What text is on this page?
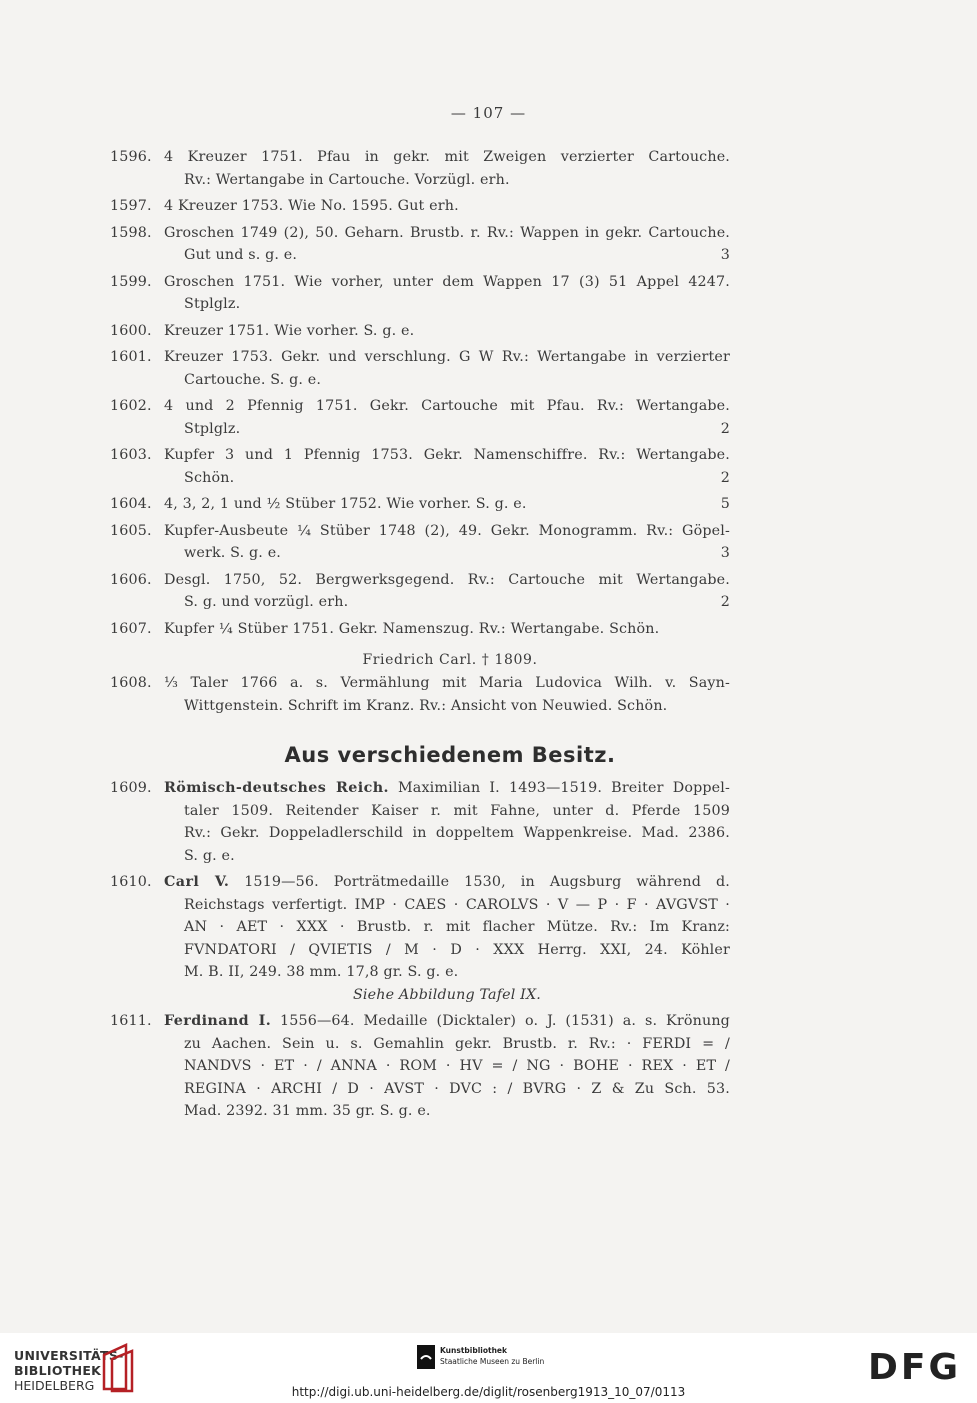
— 107 —
1596. 4 Kreuzer 1751. Pfau in gekr. mit Zweigen verzierter Cartouche.
Rv.: Wertangabe in Cartouche. Vorzügl. erh.
1597. 4 Kreuzer 1753. Wie No. 1595. Gut erh.
1598. Groschen 1749 (2), 50. Geharn. Brustb. r. Rv.: Wappen in gekr. Cartouche.
Gut und s. g. e.	3
1599. Groschen 1751. Wie vorher, unter dem Wappen 17 (3) 51 Appel 4247.
Stplglz.
1600. Kreuzer 1751. Wie vorher. S. g. e.
1601. Kreuzer 1753. Gekr. und verschlung. G W Rv.: Wertangabe in verzierter
Cartouche. S. g. e.
1602. 4 und 2 Pfennig 1751. Gekr. Cartouche mit Pfau. Rv.: Wertangabe.
Stplglz.	2
1603. Kupfer 3 und 1 Pfennig 1753. Gekr. Namenschiffre. Rv.: Wertangabe.
Schön.	2
1604. 4, 3, 2, 1 und ½ Stüber 1752. Wie vorher. S. g. e.	5
1605. Kupfer-Ausbeute ¼ Stüber 1748 (2), 49. Gekr. Monogramm. Rv.: Göpel-
werk. S. g. e.	3
1606. Desgl. 1750, 52. Bergwerksgegend. Rv.: Cartouche mit Wertangabe.
S. g. und vorzügl. erh.	2
1607. Kupfer ¼ Stüber 1751. Gekr. Namenszug. Rv.: Wertangabe. Schön.
Friedrich Carl. † 1809.
1608. ⅓ Taler 1766 a. s. Vermählung mit Maria Ludovica Wilh. v. Sayn-
Wittgenstein. Schrift im Kranz. Rv.: Ansicht von Neuwied. Schön.
Aus verschiedenem Besitz.
1609. Römisch-deutsches Reich. Maximilian I. 1493—1519. Breiter Doppel-
taler 1509. Reitender Kaiser r. mit Fahne, unter d. Pferde 1509
Rv.: Gekr. Doppeladlerschild in doppeltem Wappenkreise. Mad. 2386.
S. g. e.
1610. Carl V. 1519—56. Porträtmedaille 1530, in Augsburg während d.
Reichstags verfertigt. IMP · CAES · CAROLVS · V — P · F · AVGVST ·
AN · AET · XXX · Brustb. r. mit flacher Mütze. Rv.: Im Kranz:
FVNDATORI / QVIETIS / M · D · XXX Herrg. XXI, 24. Köhler
M. B. II, 249. 38 mm. 17,8 gr. S. g. e.
Siehe Abbildung Tafel IX.
1611. Ferdinand I. 1556—64. Medaille (Dicktaler) o. J. (1531) a. s. Krönung
zu Aachen. Sein u. s. Gemahlin gekr. Brustb. r. Rv.: · FERDI = /
NANDVS · ET · / ANNA · ROM · HV = / NG · BOHE · REX · ET /
REGINA · ARCHI / D · AVST · DVC : / BVRG · Z & Zu Sch. 53.
Mad. 2392. 31 mm. 35 gr. S. g. e.
UNIVERSITÄTS-
BIBLIOTHEK
HEIDELBERG
Kunstbibliothek
Staatliche Museen zu Berlin	DFG
http://digi.ub.uni-heidelberg.de/diglit/rosenberg1913_10_07/0113
